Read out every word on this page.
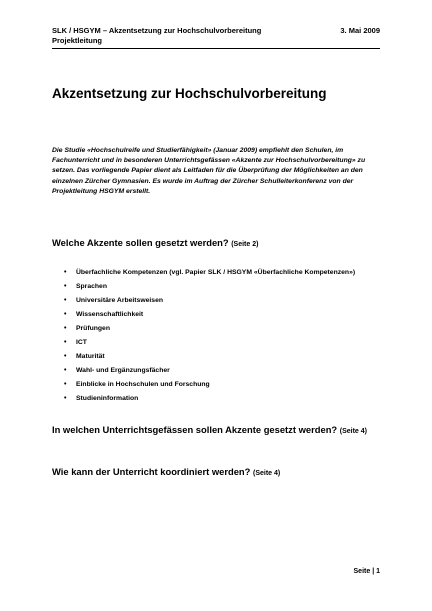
SLK / HSGYM – Akzentsetzung zur Hochschulvorbereitung	3. Mai 2009
Projektleitung
Akzentsetzung zur Hochschulvorbereitung

Die Studie «Hochschulreife und Studierfähigkeit» (Januar 2009) empfiehlt den Schulen, im Fachunterricht und in besonderen Unterrichtsgefässen «Akzente zur Hochschulvorbereitung» zu setzen. Das vorliegende Papier dient als Leitfaden für die Überprüfung der Möglichkeiten an den einzelnen Zürcher Gymnasien. Es wurde im Auftrag der Zürcher Schulleiterkonferenz von der Projektleitung HSGYM erstellt.

Welche Akzente sollen gesetzt werden? (Seite 2)
• Überfachliche Kompetenzen (vgl. Papier SLK / HSGYM «Überfachliche Kompetenzen»)
• Sprachen
• Universitäre Arbeitsweisen
• Wissenschaftlichkeit
• Prüfungen
• ICT
• Maturität
• Wahl- und Ergänzungsfächer
• Einblicke in Hochschulen und Forschung
• Studieninformation
In welchen Unterrichtsgefässen sollen Akzente gesetzt werden? (Seite 4)
Wie kann der Unterricht koordiniert werden? (Seite 4)
Seite | 1
